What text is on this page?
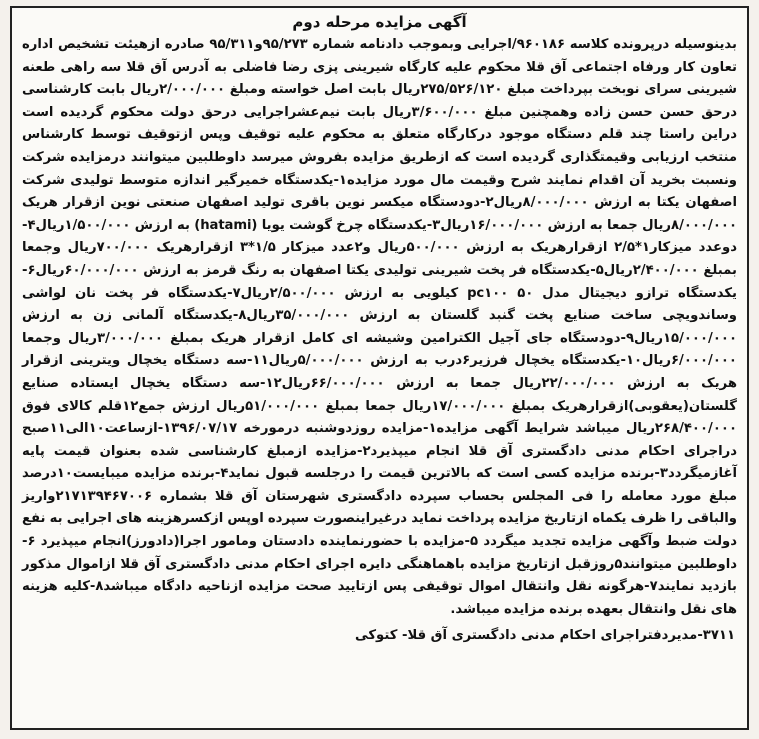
آگهی مزایده مرحله دوم
بدینوسیله درپرونده کلاسه ۹۶۰۱۸۶/اجرایی وبموجب دادنامه شماره ۹۵/۲۷۳و۹۵/۳۱۱ صادره ازهیئت تشخیص اداره تعاون کار ورفاه اجتماعی آق قلا محکوم علیه کارگاه شیرینی پزی رضا فاضلی به آدرس آق قلا سه راهی طعنه شیرینی سرای نوبخت بپرداخت مبلغ ۲۷۵/۵۲۶/۱۲۰ریال بابت اصل خواسته ومبلغ ۲/۰۰۰/۰۰۰ریال بابت کارشناسی درحق حسن حسن زاده وهمچنین مبلغ ۳/۶۰۰/۰۰۰ریال بابت نیم‌عشراجرایی درحق دولت محکوم گردیده است دراین راستا چند قلم دستگاه موجود درکارگاه متعلق به محکوم علیه توقیف وپس ازتوقیف توسط کارشناس منتخب ارزیابی وقیمتگذاری گردیده است که ازطریق مزایده بفروش میرسد داوطلبین میتوانند درمزایده شرکت ونسبت بخرید آن اقدام نمایند شرح وقیمت مال مورد مزایده۱-یکدستگاه خمیرگیر اندازه متوسط تولیدی شرکت اصفهان یکتا به ارزش ۸/۰۰۰/۰۰۰ریال۲-دودستگاه میکسر نوین باقری تولید اصفهان صنعتی نوین ازقرار هریک ۸/۰۰۰/۰۰۰ریال جمعا به ارزش ۱۶/۰۰۰/۰۰۰ریال۳-یکدستگاه چرخ گوشت یویا (hatami) به ارزش ۱/۵۰۰/۰۰۰ریال۴-دوعدد میزکار۱*۲/۵ ازقرارهریک به ارزش ۵۰۰/۰۰۰ریال و۲عدد میزکار ۱/۵*۳ ازقرارهریک ۷۰۰/۰۰۰ریال وجمعا بمبلغ ۲/۴۰۰/۰۰۰ریال۵-یکدستگاه فر پخت شیرینی تولیدی یکتا اصفهان به رنگ قرمز به ارزش ۶۰/۰۰۰/۰۰۰ریال۶-یکدستگاه ترازو دیجیتال مدل ۵۰ pc۱۰۰ کیلویی به ارزش ۲/۵۰۰/۰۰۰ریال۷-یکدستگاه فر پخت نان لواشی وساندویچی ساخت صنایع پخت گنبد گلستان به ارزش ۳۵/۰۰۰/۰۰۰ریال۸-یکدستگاه آلمانی زن به ارزش ۱۵/۰۰۰/۰۰۰ریال۹-دودستگاه جای آجیل الکترامین وشیشه ای کامل ازقرار هریک بمبلغ ۳/۰۰۰/۰۰۰ریال وجمعا ۶/۰۰۰/۰۰۰ریال۱۰-یکدستگاه یخچال فرزیر۶درب به ارزش ۵/۰۰۰/۰۰۰ریال۱۱-سه دستگاه یخچال ویترینی ازقرار هریک به ارزش ۲۲/۰۰۰/۰۰۰ریال جمعا به ارزش ۶۶/۰۰۰/۰۰۰ریال۱۲-سه دستگاه یخچال ایستاده صنایع گلستان(یعقوبی)ازقرارهریک بمبلغ ۱۷/۰۰۰/۰۰۰ریال جمعا بمبلغ ۵۱/۰۰۰/۰۰۰ریال ارزش جمع۱۲قلم کالای فوق ۲۶۸/۴۰۰/۰۰۰ریال میباشد شرایط آگهی مزایده۱-مزایده روزدوشنبه درمورخه ۱۳۹۶/۰۷/۱۷-ازساعت۱۰الی۱۱صبح دراجرای احکام مدنی دادگستری آق قلا انجام میپذیرد۲-مزایده ازمبلغ کارشناسی شده بعنوان قیمت پایه آغازمیگردد۳-برنده مزایده کسی است که بالاترین قیمت را درجلسه قبول نماید۴-برنده مزایده میبایست۱۰درصد مبلغ مورد معامله را فی المجلس بحساب سپرده دادگستری شهرستان آق قلا بشماره ۲۱۷۱۳۹۴۶۷۰۰۶واریز والباقی را ظرف یکماه ازتاریخ مزایده پرداخت نماید درغیراینصورت سپرده اوپس ازکسرهزینه های اجرایی به نفع دولت ضبط وآگهی مزایده تجدید میگردد ۵-مزایده با حضورنماینده دادستان ومامور اجرا(دادورز)انجام میپذیرد ۶-داوطلبین میتوانند۵روزقبل ازتاریخ مزایده باهماهنگی دایره اجرای احکام مدنی دادگستری آق قلا ازاموال مذکور بازدید نمایند۷-هرگونه نقل وانتقال اموال توقیفی پس ازتایید صحت مزایده ازناحیه دادگاه میباشد۸-کلیه هزینه های نقل وانتقال بعهده برنده مزایده میباشد.
۳۷۱۱-مدیردفتراجرای احکام مدنی دادگستری آق قلا- کتوکی
